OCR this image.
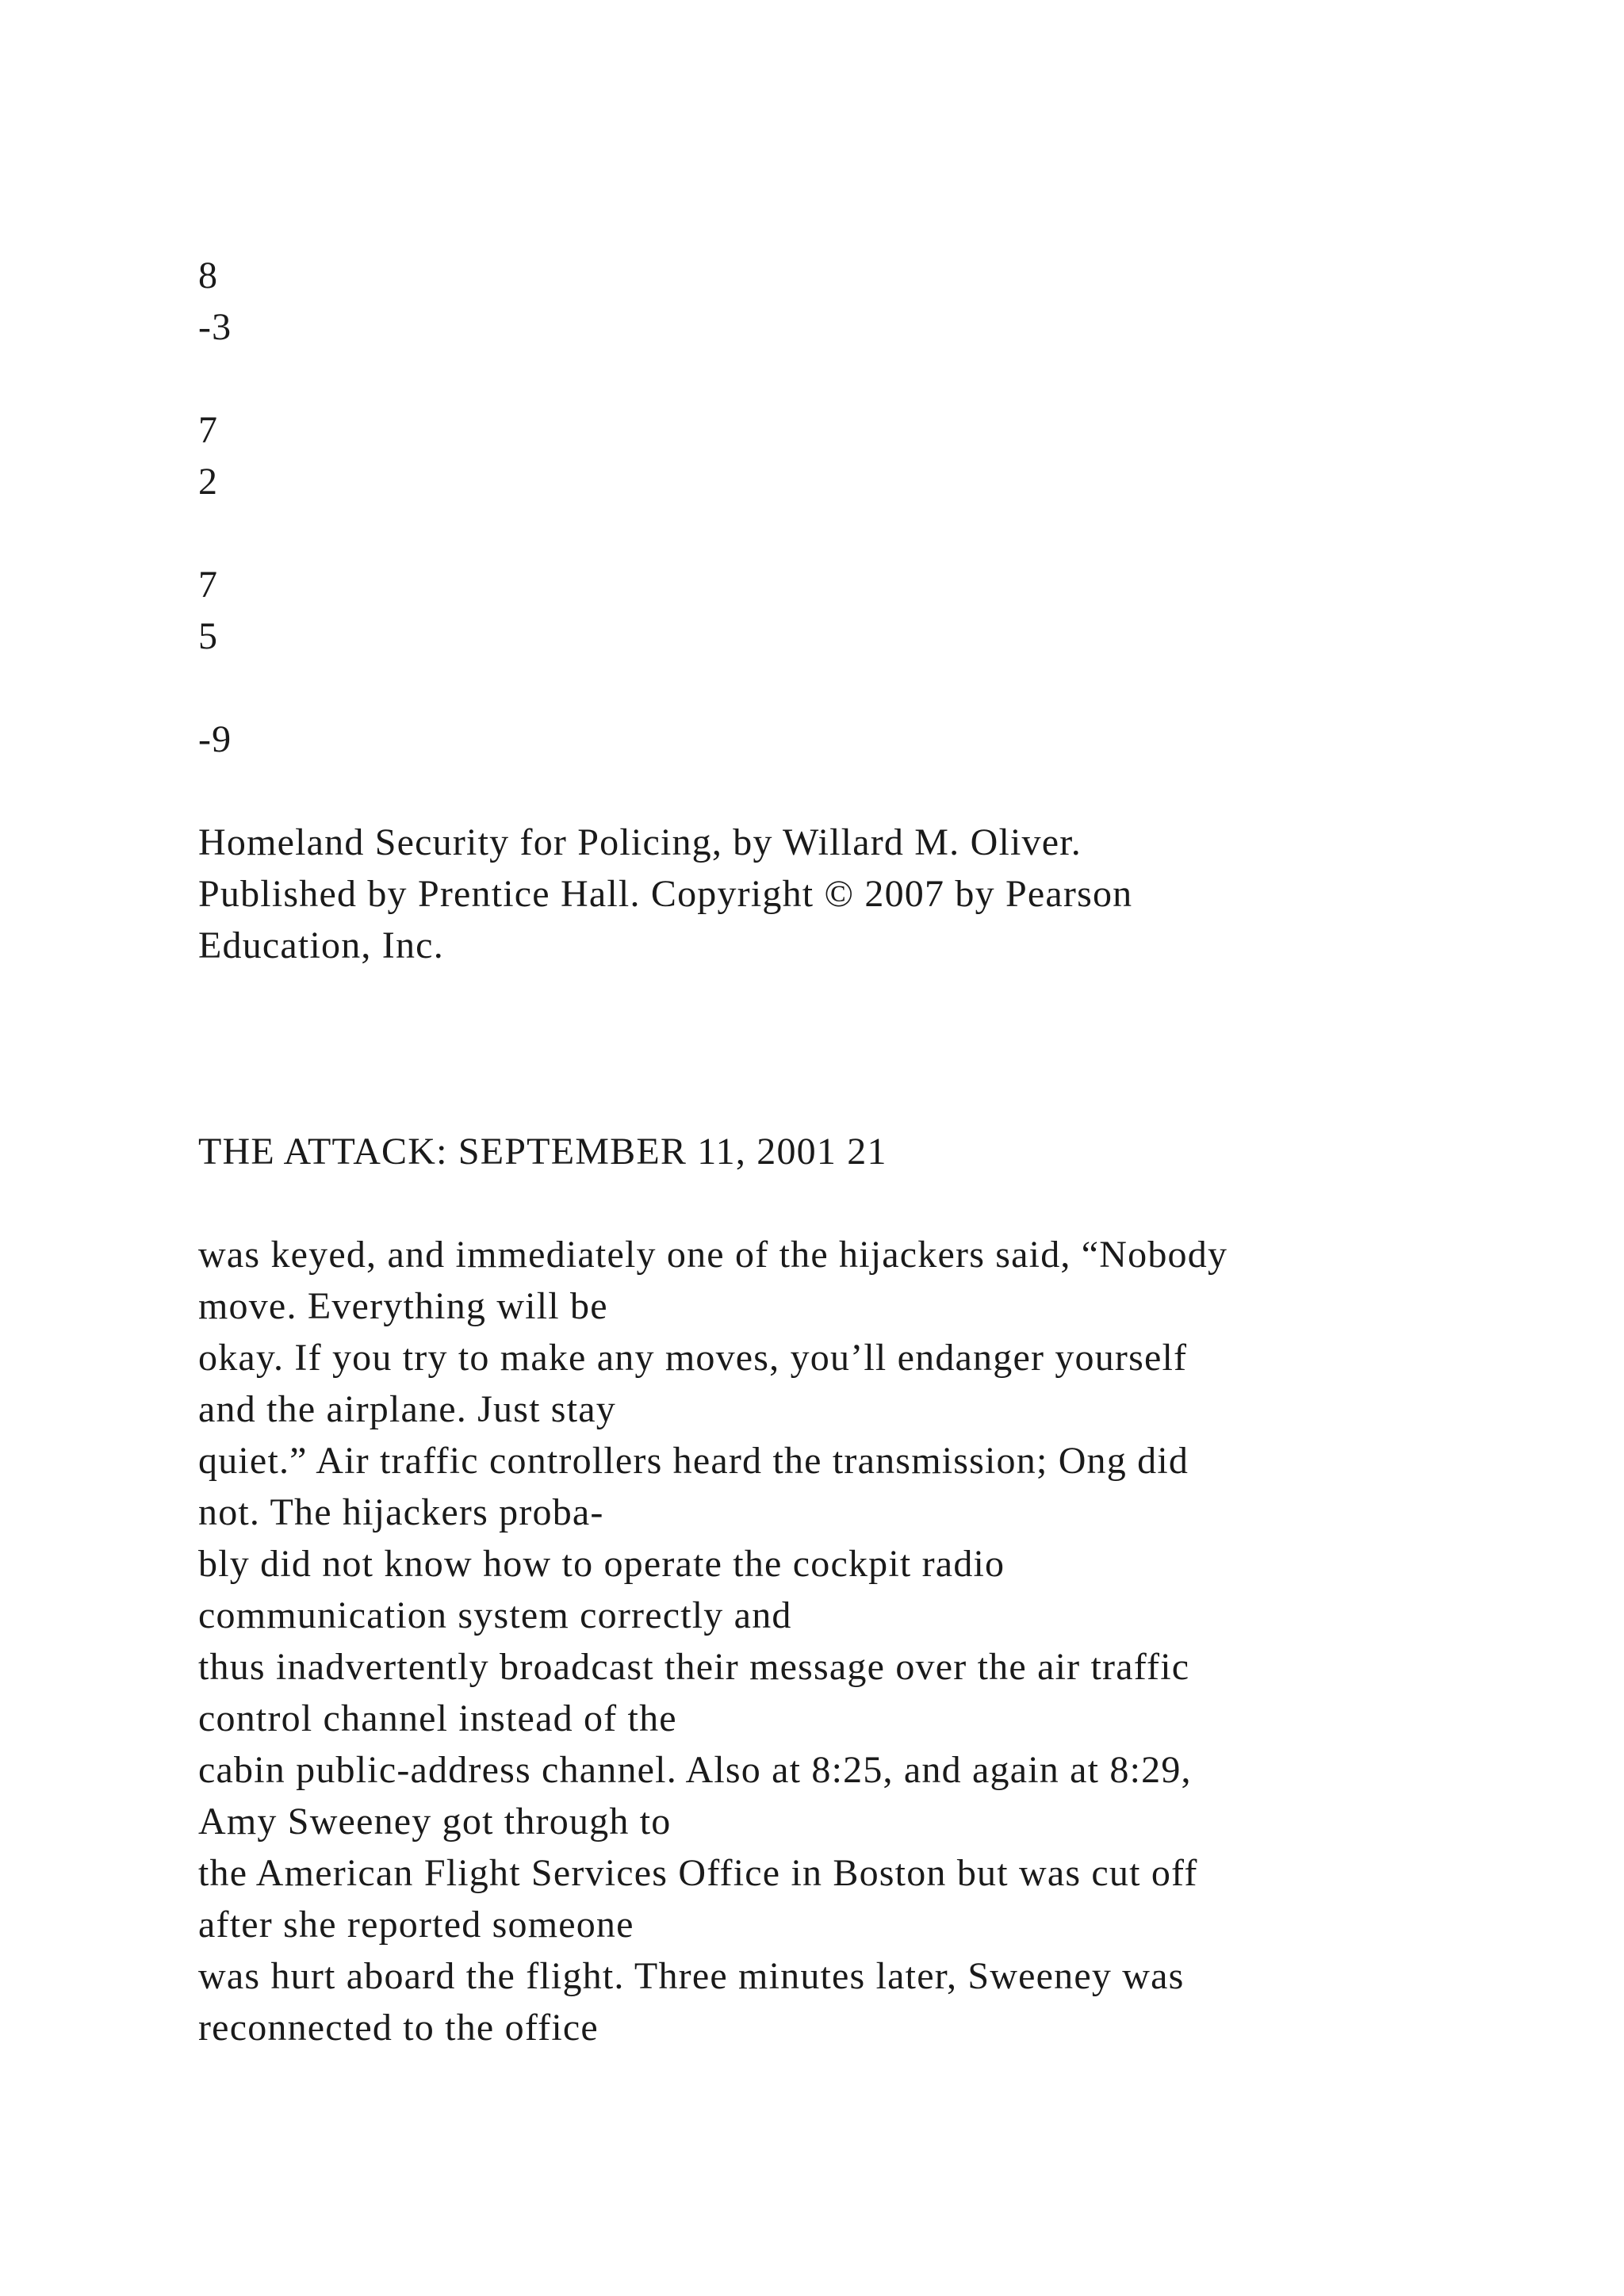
8
-3
7
2
7
5
-9
Homeland Security for Policing, by Willard M. Oliver.
Published by Prentice Hall. Copyright © 2007 by Pearson
Education, Inc.
THE ATTACK: SEPTEMBER 11, 2001 21
was keyed, and immediately one of the hijackers said, “Nobody
move. Everything will be
okay. If you try to make any moves, you’ll endanger yourself
and the airplane. Just stay
quiet.” Air traffic controllers heard the transmission; Ong did
not. The hijackers proba-
bly did not know how to operate the cockpit radio
communication system correctly and
thus inadvertently broadcast their message over the air traffic
control channel instead of the
cabin public-address channel. Also at 8:25, and again at 8:29,
Amy Sweeney got through to
the American Flight Services Office in Boston but was cut off
after she reported someone
was hurt aboard the flight. Three minutes later, Sweeney was
reconnected to the office
